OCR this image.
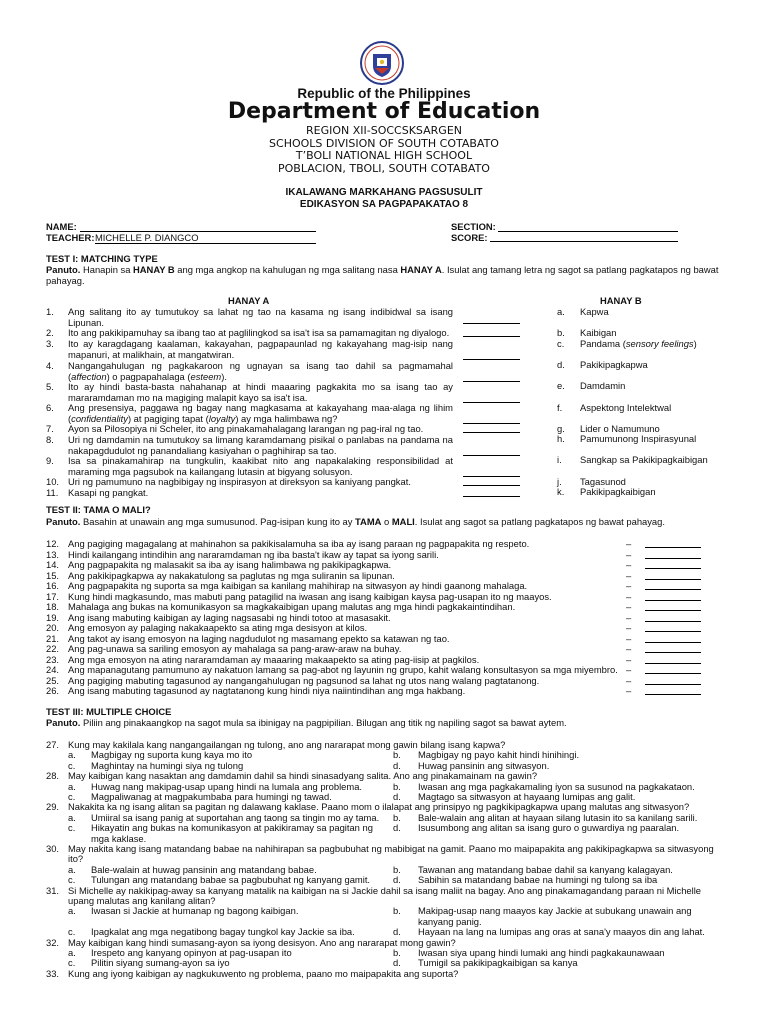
Republic of the Philippines
Department of Education
REGION XII-SOCCSKSARGEN
SCHOOLS DIVISION OF SOUTH COTABATO
T’BOLI NATIONAL HIGH SCHOOL
POBLACION, TBOLI, SOUTH COTABATO
IKALAWANG MARKAHANG PAGSUSULIT
EDIKASYON SA PAGPAPAKATAO 8
NAME:
TEACHER: MICHELLE P. DIANGCO
SECTION:
SCORE:
TEST I: MATCHING TYPE
Panuto. Hanapin sa HANAY B ang mga angkop na kahulugan ng mga salitang nasa HANAY A. Isulat ang tamang letra ng sagot sa patlang pagkatapos ng bawat pahayag.
HANAY A	HANAY B
1.	Ang salitang ito ay tumutukoy sa lahat ng tao na kasama ng isang indibidwal sa isang
Lipunan.
2.	Ito ang pakikipamuhay sa ibang tao at paglilingkod sa isa't isa sa pamamagitan ng diyalogo.
3.	Ito ay karagdagang kaalaman, kakayahan, pagpapaunlad ng kakayahang mag-isip nang
mapanuri, at malikhain, at mangatwiran.
4.	Nangangahulugan ng pagkakaroon ng ugnayan sa isang tao dahil sa pagmamahal
(affection) o pagpapahalaga (esteem).
5.	Ito ay hindi basta-basta nahahanap at hindi maaaring pagkakita mo sa isang tao ay
mararamdaman mo na magiging malapit kayo sa isa't isa.
6.	Ang presensiya, paggawa ng bagay nang magkasama at kakayahang maa-alaga ng lihim
(confidentiality) at pagiging tapat (loyalty) ay mga halimbawa ng?
7.	Ayon sa Pilosopiya ni Scheler, ito ang pinakamahalagang larangan ng pag-iral ng tao.
8.	Uri ng damdamin na tumutukoy sa limang karamdamang pisikal o panlabas na pandama na
nakapagdudulot ng panandaliang kasiyahan o paghihirap sa tao.
9.	Isa sa pinakamahirap na tungkulin, kaakibat nito ang napakalaking responsibilidad at
maraming mga pagsubok na kailangang lutasin at bigyang solusyon.
10. Uri ng pamumuno na nagbibigay ng inspirasyon at direksyon sa kaniyang pangkat.
11.	Kasapi ng pangkat.
a. Kapwa
b. Kaibigan
c. Pandama (sensory feelings)
d. Pakikipagkapwa
e. Damdamin
f. Aspektong Intelektwal
g. Lider o Namumuno
h. Pamumunong Inspirasyunal
i. Sangkap sa Pakikipagkaibigan
j. Tagasunod
k. Pakikipagkaibigan
TEST II: TAMA O MALI?
Panuto. Basahin at unawain ang mga sumusunod. Pag-isipan kung ito ay TAMA o MALI. Isulat ang sagot sa patlang pagkatapos ng bawat pahayag.
12. Ang pagiging magagalang at mahinahon sa pakikisalamuha sa iba ay isang paraan ng pagpapakita ng respeto.	–
13. Hindi kailangang intindihin ang nararamdaman ng iba basta't ikaw ay tapat sa iyong sarili.	–
14. Ang pagpapakita ng malasakit sa iba ay isang halimbawa ng pakikipagkapwa.	–
15. Ang pakikipagkapwa ay nakakatulong sa paglutas ng mga suliranin sa lipunan.	–
16. Ang pagpapakita ng suporta sa mga kaibigan sa kanilang mahihirap na sitwasyon ay hindi gaanong mahalaga.	–
17. Kung hindi magkasundo, mas mabuti pang patagilid na iwasan ang isang kaibigan kaysa pag-usapan ito ng maayos.	–
18. Mahalaga ang bukas na komunikasyon sa magkakaibigan upang malutas ang mga hindi pagkakaintindihan.	–
19. Ang isang mabuting kaibigan ay laging nagsasabi ng hindi totoo at masasakit.	–
20. Ang emosyon ay palaging nakakaapekto sa ating mga desisyon at kilos.	–
21. Ang takot ay isang emosyon na laging nagdudulot ng masamang epekto sa katawan ng tao.	–
22. Ang pag-unawa sa sariling emosyon ay mahalaga sa pang-araw-araw na buhay.	–
23. Ang mga emosyon na ating nararamdaman ay maaaring makaapekto sa ating pag-iisip at pagkilos.	–
24. Ang mapanagutang pamumuno ay nakatuon lamang sa pag-abot ng layunin ng grupo, kahit walang konsultasyon sa mga miyembro. –
25. Ang pagiging mabuting tagasunod ay nangangahulugan ng pagsunod sa lahat ng utos nang walang pagtatanong.	–
26. Ang isang mabuting tagasunod ay nagtatanong kung hindi niya naiintindihan ang mga hakbang.	–
TEST III: MULTIPLE CHOICE
Panuto. Piliin ang pinakaangkop na sagot mula sa ibinigay na pagpipilian. Bilugan ang titik ng napiling sagot sa bawat aytem.
27. Kung may kakilala kang nangangailangan ng tulong, ano ang nararapat mong gawin bilang isang kapwa?
a. Magbigay ng suporta kung kaya mo ito	b. Magbigay ng payo kahit hindi hinihingi.
c. Maghintay na humingi siya ng tulong	d. Huwag pansinin ang sitwasyon.
28. May kaibigan kang nasaktan ang damdamin dahil sa hindi sinasadyang salita. Ano ang pinakamainam na gawin?
a. Huwag nang makipag-usap upang hindi na lumala ang problema.	b. Iwasan ang mga pagkakamaling iyon sa susunod na pagkakataon.
c. Magpaliwanag at magpakumbaba para humingi ng tawad.	d. Magtago sa sitwasyon at hayaang lumipas ang galit.
29. Nakakita ka ng isang alitan sa pagitan ng dalawang kaklase. Paano mom o ilalapat ang prinsipyo ng pagkikipagkapwa upang malutas ang sitwasyon?
a. Umiiral sa isang panig at suportahan ang taong sa tingin mo ay tama. b. Bale-walain ang alitan at hayaan silang lutasin ito sa kanilang sarili.
c. Hikayatin ang bukas na komunikasyon at pakikiramay sa pagitan ng
mga kaklase.
d. Isusumbong ang alitan sa isang guro o guwardiya ng paaralan.
30. May nakita kang isang matandang babae na nahihirapan sa pagbubuhat ng mabibigat na gamit. Paano mo maipapakita ang pakikipagkapwa sa sitwasyong
ito?
a. Bale-walain at huwag pansinin ang matandang babae.	b. Tawanan ang matandang babae dahil sa kanyang kalagayan.
c. Tulungan ang matandang babae sa pagbubuhat ng kanyang gamit. d. Sabihin sa matandang babae na humingi ng tulong sa iba
31. Si Michelle ay nakikipag-away sa kanyang matalik na kaibigan na si Jackie dahil sa isang maliit na bagay. Ano ang pinakamagandang paraan ni Michelle
upang malutas ang kanilang alitan?
a. Iwasan si Jackie at humanap ng bagong kaibigan.	b. Makipag-usap nang maayos kay Jackie at subukang unawain ang
kanyang panig.
c. Ipagkalat ang mga negatibong bagay tungkol kay Jackie sa iba.	d. Hayaan na lang na lumipas ang oras at sana'y maayos din ang lahat.
32. May kaibigan kang hindi sumasang-ayon sa iyong desisyon. Ano ang nararapat mong gawin?
a. Irespeto ang kanyang opinyon at pag-usapan ito	b. Iwasan siya upang hindi lumaki ang hindi pagkakaunawaan
c. Pilitin siyang sumang-ayon sa iyo	d. Tumigil sa pakikipagkaibigan sa kanya
33. Kung ang iyong kaibigan ay nagkukuwento ng problema, paano mo maipapakita ang suporta?
